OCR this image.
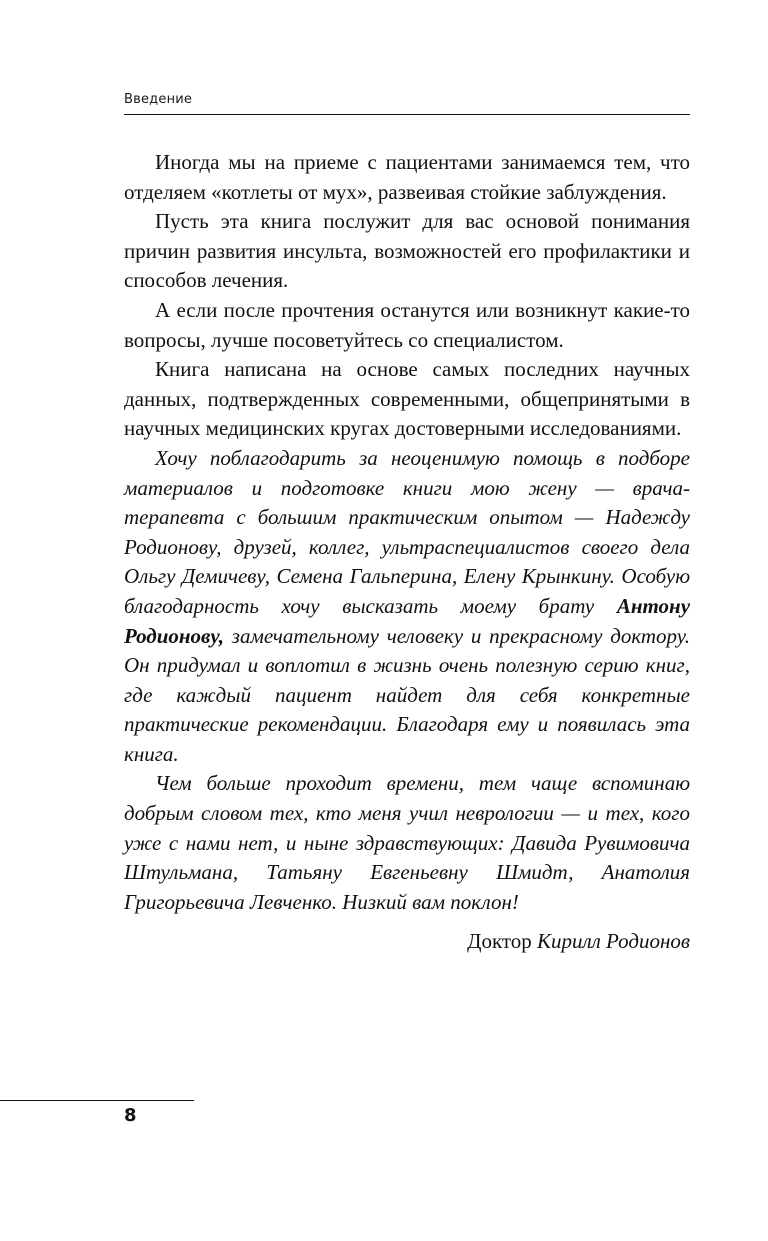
Введение

Иногда мы на приеме с пациентами занимаемся тем, что отделяем «котлеты от мух», развеивая стойкие заблуждения.

Пусть эта книга послужит для вас основой понимания причин развития инсульта, возможностей его профилактики и способов лечения.

А если после прочтения останутся или возникнут какие-то вопросы, лучше посоветуйтесь со специалистом.

Книга написана на основе самых последних научных данных, подтвержденных современными, общепринятыми в научных медицинских кругах достоверными исследованиями.

Хочу поблагодарить за неоценимую помощь в подборе материалов и подготовке книги мою жену — врача-терапевта с большим практическим опытом — Надежду Родионову, друзей, коллег, ультраспециалистов своего дела Ольгу Демичеву, Семена Гальперина, Елену Крынкину. Особую благодарность хочу высказать моему брату Антону Родионову, замечательному человеку и прекрасному доктору. Он придумал и воплотил в жизнь очень полезную серию книг, где каждый пациент найдет для себя конкретные практические рекомендации. Благодаря ему и появилась эта книга.

Чем больше проходит времени, тем чаще вспоминаю добрым словом тех, кто меня учил неврологии — и тех, кого уже с нами нет, и ныне здравствующих: Давида Рувимовича Штульмана, Татьяну Евгеньевну Шмидт, Анатолия Григорьевича Левченко. Низкий вам поклон!

Доктор Кирилл Родионов

8
